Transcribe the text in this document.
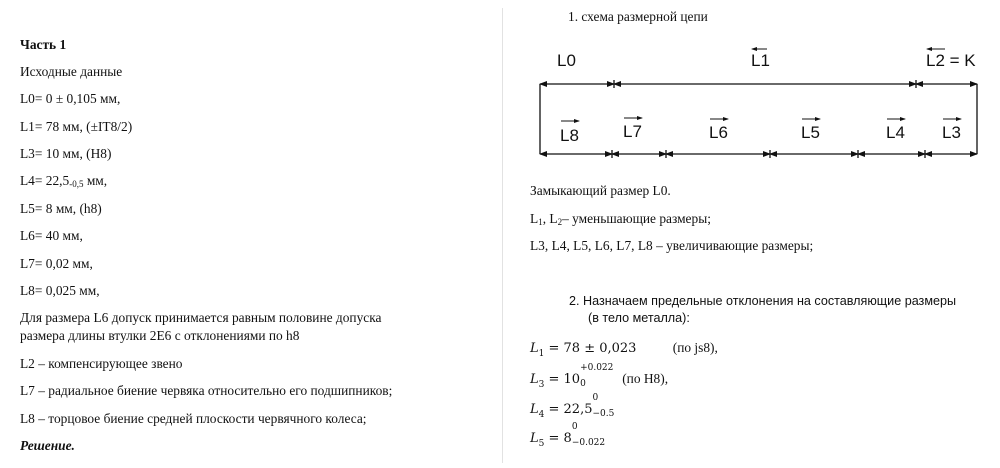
Часть 1
Исходные данные
L0= 0 ± 0,105 мм,
L1= 78 мм, (±IT8/2)
L3= 10 мм, (H8)
$L4= 22,5_{-0,5}$ мм,
L5= 8 мм, (h8)
L6= 40 мм,
L7= 0,02 мм,
L8= 0,025 мм,
Для размера L6 допуск принимается равным половине допуска
размера длины втулки 2E6 с отклонениями по h8
L2 – компенсирующее звено
L7 – радиальное биение червяка относительно его подшипников;
L8 – торцовое биение средней плоскости червячного колеса;
Решение.
1. схема размерной цепи
L0	L1	L2 = K
L8	L7	L6	L5	L4 L3
Замыкающий размер L0.
$L_1$, $L_2-$ уменьшающие размеры;
L3, L4, L5, L6, L7, L8 – увеличивающие размеры;
2. Назначаем предельные отклонения на составляющие размеры
(в тело металла):
$L_1 = 78 \pm 0,023$	(по js8),
$L_3 = 10$
+0.022
0	(по H8),
$L_4 = 22,5$
0
−0.5
$L_5 = 8$
0
−0.022
